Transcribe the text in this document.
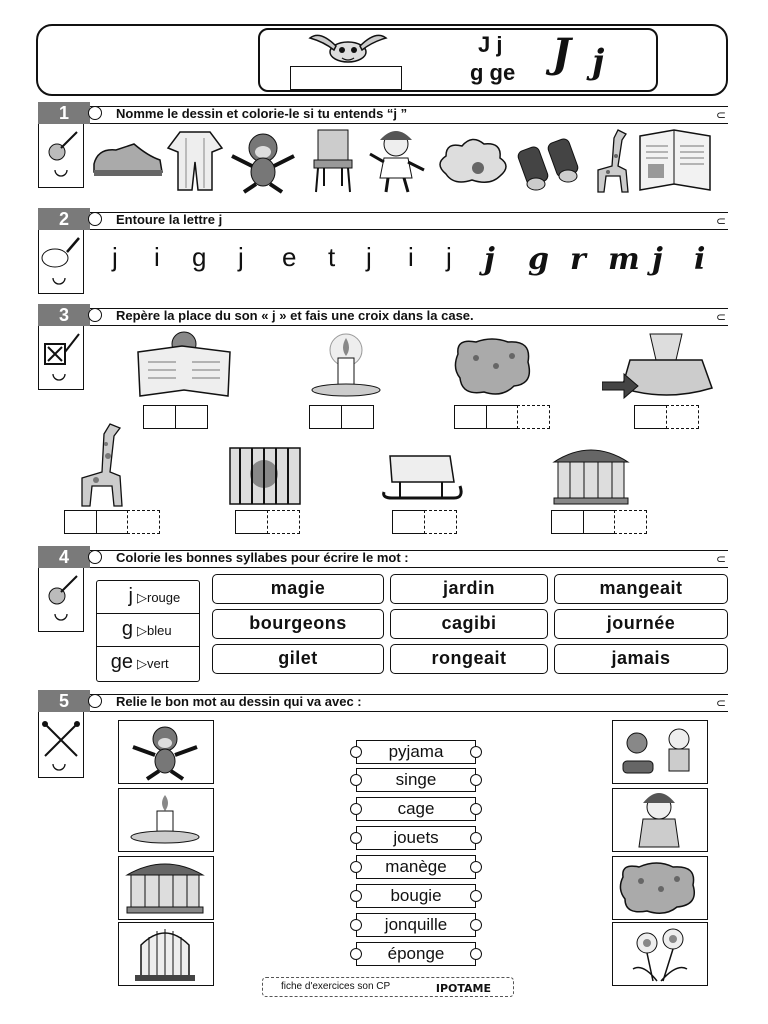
J j
g ge J j
1	Nomme le dessin et colorie-le si tu entends “j ”	⊂
2	Entoure la lettre j	⊂
j i g j e t j i j j g r m j i
3	Repère la place du son « j » et fais une croix dans la case.	⊂
4	Colorie les bonnes syllabes pour écrire le mot :	⊂
j ▷rouge
g ▷bleu
ge ▷vert
magie	jardin	mangeait
bourgeons	cagibi	journée
gilet	rongeait	jamais
5	Relie le bon mot au dessin qui va avec :	⊂
pyjama
singe
cage
jouets
manège
bougie
jonquille
éponge
fiche d'exercices son CP	IPOTAME
